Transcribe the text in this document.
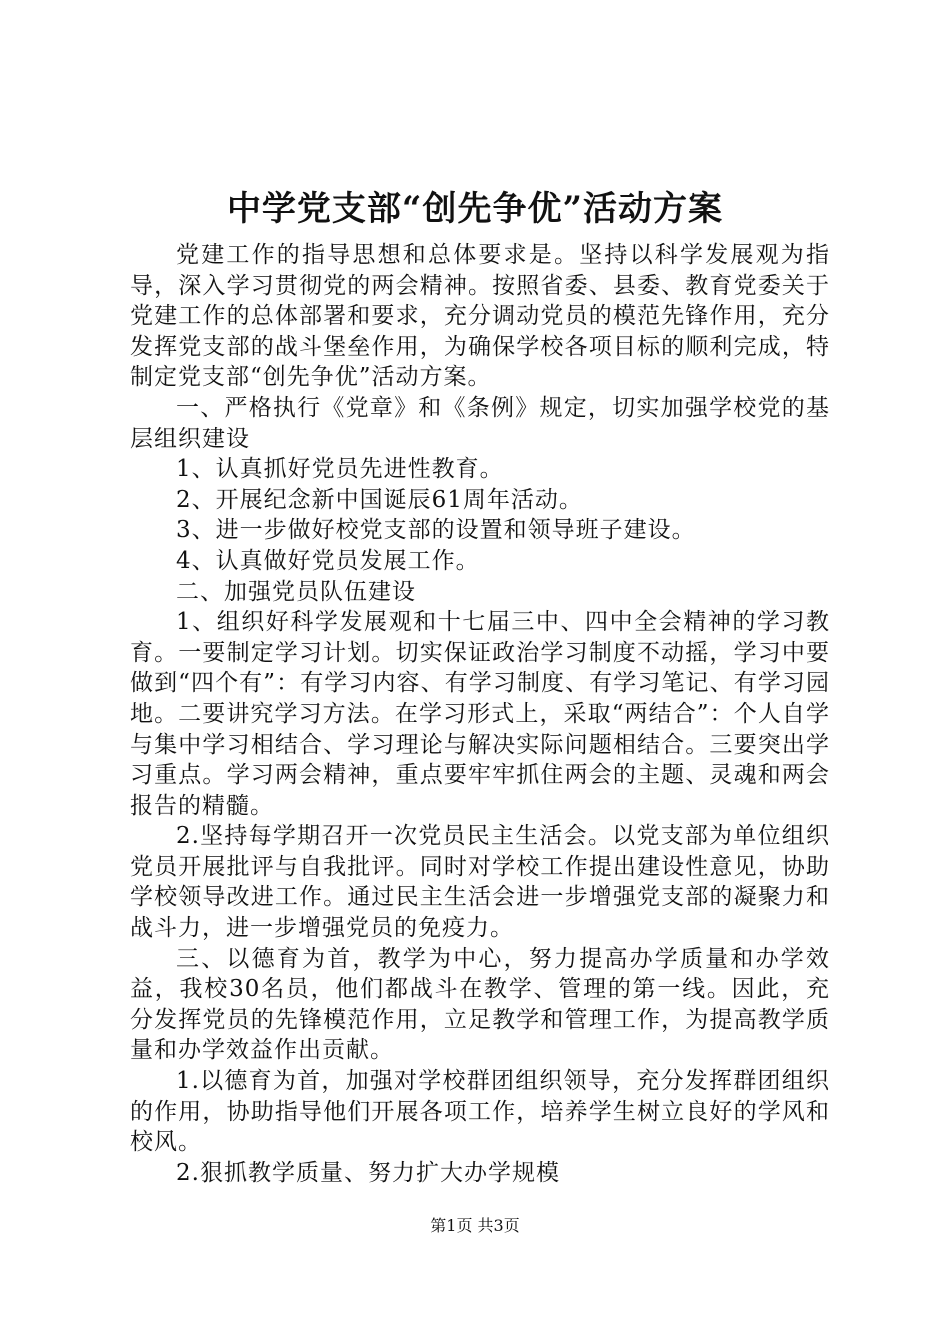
中学党支部“创先争优”活动方案

党建工作的指导思想和总体要求是。坚持以科学发展观为指导，深入学习贯彻党的两会精神。按照省委、县委、教育党委关于党建工作的总体部署和要求，充分调动党员的模范先锋作用，充分发挥党支部的战斗堡垒作用，为确保学校各项目标的顺利完成，特制定党支部“创先争优”活动方案。

一、严格执行《党章》和《条例》规定，切实加强学校党的基层组织建设

1、认真抓好党员先进性教育。

2、开展纪念新中国诞辰61周年活动。

3、进一步做好校党支部的设置和领导班子建设。

4、认真做好党员发展工作。

二、加强党员队伍建设

1、组织好科学发展观和十七届三中、四中全会精神的学习教育。一要制定学习计划。切实保证政治学习制度不动摇，学习中要做到“四个有”：有学习内容、有学习制度、有学习笔记、有学习园地。二要讲究学习方法。在学习形式上，采取“两结合”：个人自学与集中学习相结合、学习理论与解决实际问题相结合。三要突出学习重点。学习两会精神，重点要牢牢抓住两会的主题、灵魂和两会报告的精髓。

2.坚持每学期召开一次党员民主生活会。以党支部为单位组织党员开展批评与自我批评。同时对学校工作提出建设性意见，协助学校领导改进工作。通过民主生活会进一步增强党支部的凝聚力和战斗力，进一步增强党员的免疫力。

三、以德育为首，教学为中心，努力提高办学质量和办学效益，我校30名员，他们都战斗在教学、管理的第一线。因此，充分发挥党员的先锋模范作用，立足教学和管理工作，为提高教学质量和办学效益作出贡献。

1.以德育为首，加强对学校群团组织领导，充分发挥群团组织的作用，协助指导他们开展各项工作，培养学生树立良好的学风和校风。

2.狠抓教学质量、努力扩大办学规模

第1页 共3页
